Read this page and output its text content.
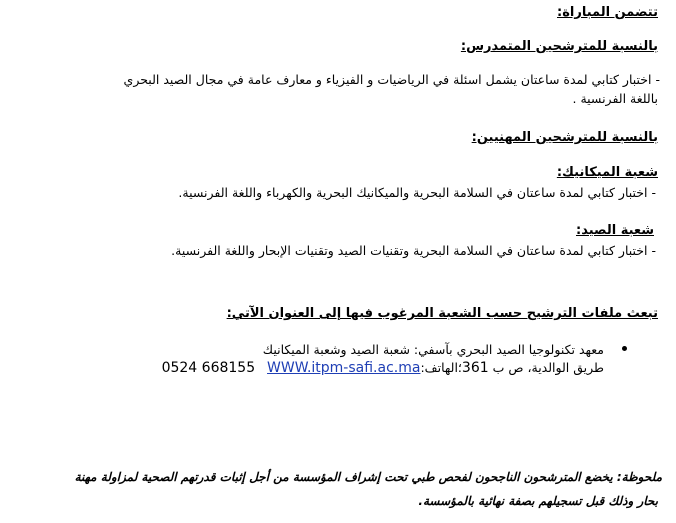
تتضمن المباراة:
بالنسبة للمترشحين المتمدرس:
- اختبار كتابي لمدة ساعتان يشمل اسئلة في الرياضيات و الفيزياء و معارف عامة في مجال الصيد البحري
باللغة الفرنسية .
بالنسبة للمترشحين المهنيين:
شعبة الميكانيك:
- اختبار كتابي لمدة ساعتان في السلامة البحرية والميكانيك البحرية والكهرباء واللغة الفرنسية.
شعبة الصيد:
- اختبار كتابي لمدة ساعتان في السلامة البحرية وتقنيات الصيد وتقنيات الإبحار واللغة الفرنسية.
تبعث ملفات الترشيح حسب الشعبة المرغوب فيها إلى العنوان الآتي:
معهد تكنولوجيا الصيد البحري بآسفي: شعبة الصيد وشعبة الميكانيك
طريق الوالدية، ص ب 361؛الهاتف:0524 668155 WWW.itpm-safi.ac.ma
ملحوظة: يخضع المترشحون الناجحون لفحص طبي تحت إشراف المؤسسة من أجل إثبات قدرتهم الصحية لمزاولة مهنة
بحار وذلك قبل تسجيلهم بصفة نهائية بالمؤسسة.
